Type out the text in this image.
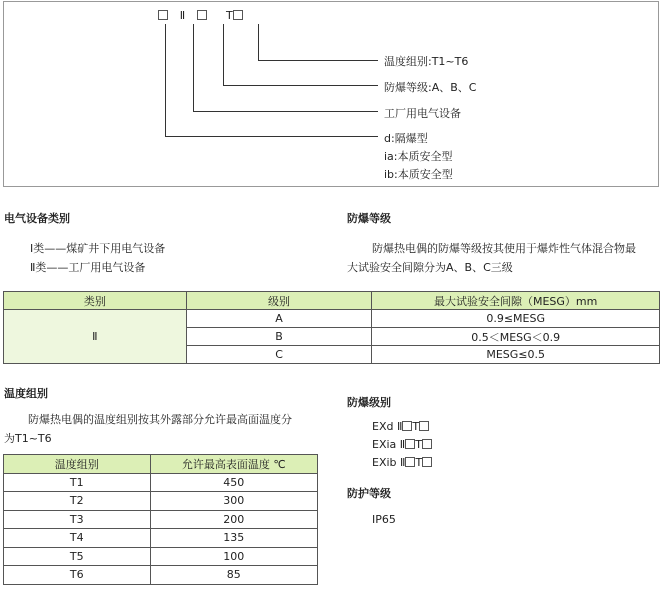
Ⅱ	T
温度组别:T1~T6
防爆等级:A、B、C
工厂用电气设备
d:隔爆型
ia:本质安全型
ib:本质安全型
电气设备类别
Ⅰ类——煤矿井下用电气设备
Ⅱ类——工厂用电气设备
防爆等级
防爆热电偶的防爆等级按其使用于爆炸性气体混合物最
大试验安全间隙分为A、B、C三级
类别	级别	最大试验安全间隙（MESG）mm
Ⅱ	A	0.9≤MESG
	B	0.5＜MESG＜0.9
	C	MESG≤0.5
温度组别
防爆热电偶的温度组别按其外露部分允许最高面温度分
为T1~T6
温度组别	允许最高表面温度 ℃
T1	450
T2	300
T3	200
T4	135
T5	100
T6	85
防爆级别
EXd Ⅱ T
EXia Ⅱ T
EXib Ⅱ T
防护等级
IP65
